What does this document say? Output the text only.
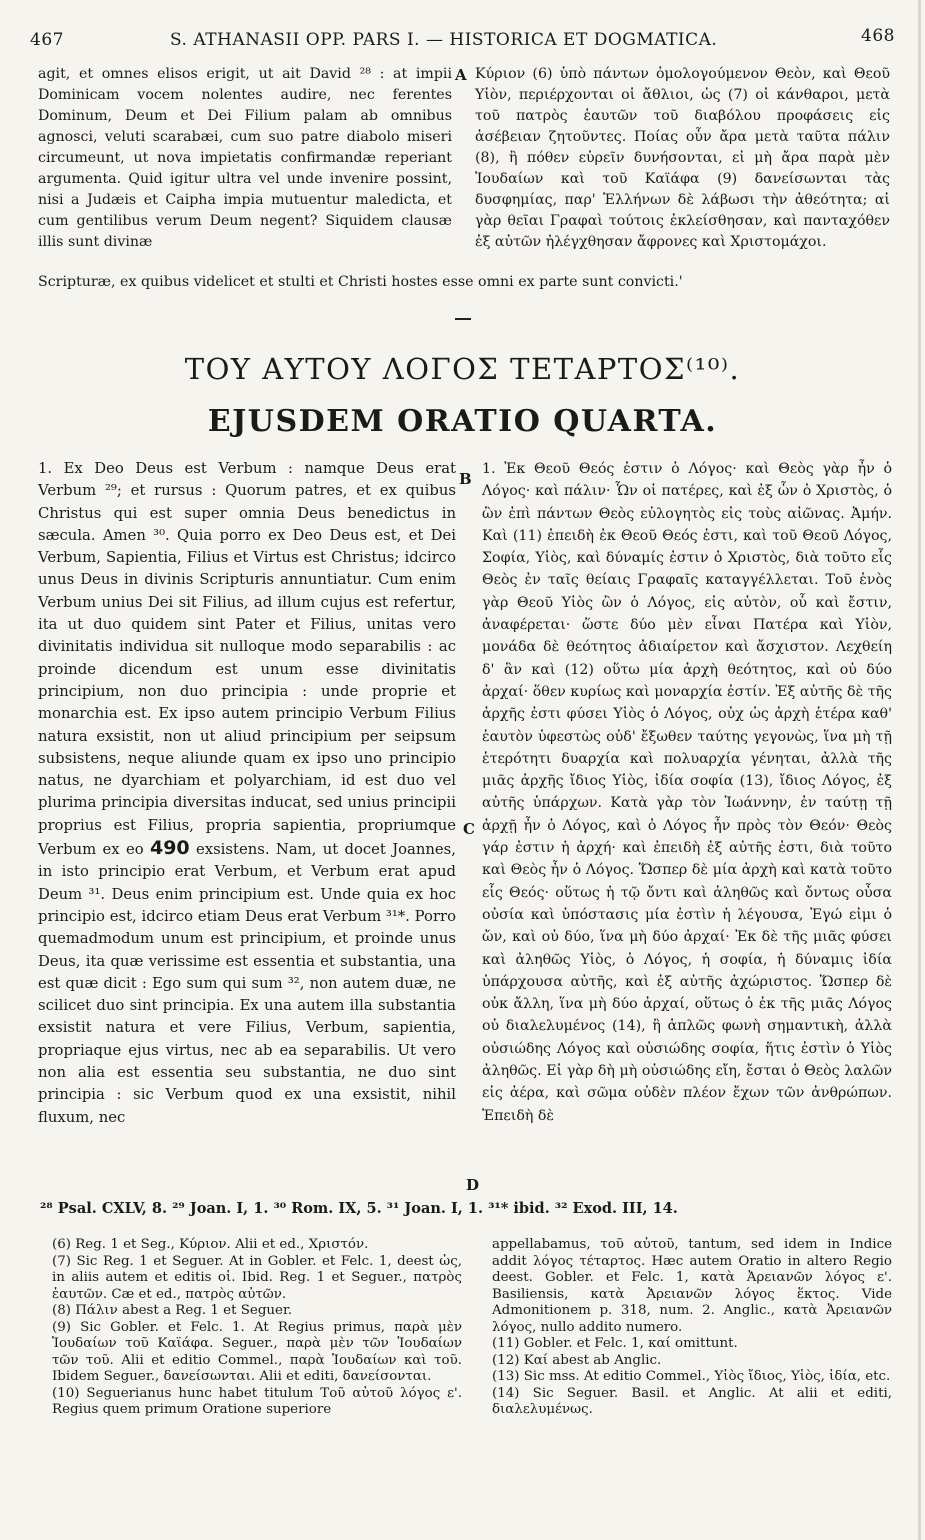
467	S. ATHANASII OPP. PARS I. — HISTORICA ET DOGMATICA.	468

agit, et omnes elisos erigit, ut ait David ²⁸ : at impii Dominicam vocem nolentes audire, nec ferentes Dominum, Deum et Dei Filium palam ab omnibus agnosci, veluti scarabæi, cum suo patre diabolo miseri circumeunt, ut nova impietatis confirmandæ reperiant argumenta. Quid igitur ultra vel unde invenire possint, nisi a Judæis et Caipha impia mutuentur maledicta, et cum gentilibus verum Deum negent? Siquidem clausæ illis sunt divinæ

A Κύριον (6) ὑπὸ πάντων ὁμολογούμενον Θεὸν, καὶ Θεοῦ Υἱὸν, περιέρχονται οἱ ἄθλιοι, ὡς (7) οἱ κάνθαροι, μετὰ τοῦ πατρὸς ἑαυτῶν τοῦ διαβόλου προφάσεις εἰς ἀσέβειαν ζητοῦντες. Ποίας οὖν ἄρα μετὰ ταῦτα πάλιν (8), ἢ πόθεν εὑρεῖν δυνήσονται, εἰ μὴ ἄρα παρὰ μὲν Ἰουδαίων καὶ τοῦ Καϊάφα (9) δανείσωνται τὰς δυσφημίας, παρ' Ἑλλήνων δὲ λάβωσι τὴν ἀθεότητα; αἱ γὰρ θεῖαι Γραφαὶ τούτοις ἐκλείσθησαν, καὶ πανταχόθεν ἐξ αὐτῶν ἠλέγχθησαν ἄφρονες καὶ Χριστομάχοι.

Scripturæ, ex quibus videlicet et stulti et Christi hostes esse omni ex parte sunt convicti.'
ΤΟΥ ΑΥΤΟΥ ΛΟΓΟΣ ΤΕΤΑΡΤΟΣ⁽¹⁰⁾.
EJUSDEM ORATIO QUARTA.

1. Ex Deo Deus est Verbum : namque Deus erat Verbum ²⁹; et rursus : Quorum patres, et ex quibus Christus qui est super omnia Deus benedictus in sæcula. Amen ³⁰. Quia porro ex Deo Deus est, et Dei Verbum, Sapientia, Filius et Virtus est Christus; idcirco unus Deus in divinis Scripturis annuntiatur. Cum enim Verbum unius Dei sit Filius, ad illum cujus est refertur, ita ut duo quidem sint Pater et Filius, unitas vero divinitatis individua sit nulloque modo separabilis : ac proinde dicendum est unum esse divinitatis principium, non duo principia : unde proprie et monarchia est. Ex ipso autem principio Verbum Filius natura exsistit, non ut aliud principium per seipsum subsistens, neque aliunde quam ex ipso uno principio natus, ne dyarchiam et polyarchiam, id est duo vel plurima principia diversitas inducat, sed unius principii proprius est Filius, propria sapientia, propriumque Verbum ex eo 490 exsistens. Nam, ut docet Joannes, in isto principio erat Verbum, et Verbum erat apud Deum ³¹. Deus enim principium est. Unde quia ex hoc principio est, idcirco etiam Deus erat Verbum ³¹*. Porro quemadmodum unum est principium, et proinde unus Deus, ita quæ verissime est essentia et substantia, una est quæ dicit : Ego sum qui sum ³², non autem duæ, ne scilicet duo sint principia. Ex una autem illa substantia exsistit natura et vere Filius, Verbum, sapientia, propriaque ejus virtus, nec ab ea separabilis. Ut vero non alia est essentia seu substantia, ne duo sint principia : sic Verbum quod ex una exsistit, nihil fluxum, nec

B
C
D

1. Ἐκ Θεοῦ Θεός ἐστιν ὁ Λόγος· καὶ Θεὸς γὰρ ἦν ὁ Λόγος· καὶ πάλιν· Ὧν οἱ πατέρες, καὶ ἐξ ὧν ὁ Χριστὸς, ὁ ὢν ἐπὶ πάντων Θεὸς εὐλογητὸς εἰς τοὺς αἰῶνας. Ἀμήν. Καὶ (11) ἐπειδὴ ἐκ Θεοῦ Θεός ἐστι, καὶ τοῦ Θεοῦ Λόγος, Σοφία, Υἱὸς, καὶ δύναμίς ἐστιν ὁ Χριστὸς, διὰ τοῦτο εἷς Θεὸς ἐν ταῖς θείαις Γραφαῖς καταγγέλλεται. Τοῦ ἑνὸς γὰρ Θεοῦ Υἱὸς ὢν ὁ Λόγος, εἰς αὐτὸν, οὗ καὶ ἔστιν, ἀναφέρεται· ὥστε δύο μὲν εἶναι Πατέρα καὶ Υἱὸν, μονάδα δὲ θεότητος ἀδιαίρετον καὶ ἄσχιστον. Λεχθείη δ' ἂν καὶ (12) οὕτω μία ἀρχὴ θεότητος, καὶ οὐ δύο ἀρχαί· ὅθεν κυρίως καὶ μοναρχία ἐστίν. Ἐξ αὐτῆς δὲ τῆς ἀρχῆς ἐστι φύσει Υἱὸς ὁ Λόγος, οὐχ ὡς ἀρχὴ ἑτέρα καθ' ἑαυτὸν ὑφεστὼς οὐδ' ἔξωθεν ταύτης γεγονὼς, ἵνα μὴ τῇ ἑτερότητι δυαρχία καὶ πολυαρχία γένηται, ἀλλὰ τῆς μιᾶς ἀρχῆς ἴδιος Υἱὸς, ἰδία σοφία (13), ἴδιος Λόγος, ἐξ αὐτῆς ὑπάρχων. Κατὰ γὰρ τὸν Ἰωάννην, ἐν ταύτῃ τῇ ἀρχῇ ἦν ὁ Λόγος, καὶ ὁ Λόγος ἦν πρὸς τὸν Θεόν· Θεὸς γάρ ἐστιν ἡ ἀρχή· καὶ ἐπειδὴ ἐξ αὐτῆς ἐστι, διὰ τοῦτο καὶ Θεὸς ἦν ὁ Λόγος. Ὥσπερ δὲ μία ἀρχὴ καὶ κατὰ τοῦτο εἷς Θεός· οὕτως ἡ τῷ ὄντι καὶ ἀληθῶς καὶ ὄντως οὖσα οὐσία καὶ ὑπόστασις μία ἐστὶν ἡ λέγουσα, Ἐγώ εἰμι ὁ ὤν, καὶ οὐ δύο, ἵνα μὴ δύο ἀρχαί· Ἐκ δὲ τῆς μιᾶς φύσει καὶ ἀληθῶς Υἱὸς, ὁ Λόγος, ἡ σοφία, ἡ δύναμις ἰδία ὑπάρχουσα αὐτῆς, καὶ ἐξ αὐτῆς ἀχώριστος. Ὥσπερ δὲ οὐκ ἄλλη, ἵνα μὴ δύο ἀρχαί, οὕτως ὁ ἐκ τῆς μιᾶς Λόγος οὐ διαλελυμένος (14), ἢ ἁπλῶς φωνὴ σημαντικὴ, ἀλλὰ οὐσιώδης Λόγος καὶ οὐσιώδης σοφία, ἥτις ἐστὶν ὁ Υἱὸς ἀληθῶς. Εἰ γὰρ δὴ μὴ οὐσιώδης εἴη, ἔσται ὁ Θεὸς λαλῶν εἰς ἀέρα, καὶ σῶμα οὐδὲν πλέον ἔχων τῶν ἀνθρώπων. Ἐπειδὴ δὲ

²⁸ Psal. CXLV, 8. ²⁹ Joan. I, 1. ³⁰ Rom. IX, 5. ³¹ Joan. I, 1. ³¹* ibid. ³² Exod. III, 14.

(6) Reg. 1 et Seg., Κύριον. Alii et ed., Χριστόν.

(7) Sic Reg. 1 et Seguer. At in Gobler. et Felc. 1, deest ὡς, in aliis autem et editis οἱ. Ibid. Reg. 1 et Seguer., πατρὸς ἑαυτῶν. Cæ et ed., πατρὸς αὐτῶν.

(8) Πάλιν abest a Reg. 1 et Seguer.

(9) Sic Gobler. et Felc. 1. At Regius primus, παρὰ μὲν Ἰουδαίων τοῦ Καϊάφα. Seguer., παρὰ μὲν τῶν Ἰουδαίων τῶν τοῦ. Alii et editio Commel., παρὰ Ἰουδαίων καὶ τοῦ. Ibidem Seguer., δανείσωνται. Alii et editi, δανείσονται.

(10) Seguerianus hunc habet titulum Τοῦ αὐτοῦ λόγος ε'. Regius quem primum Oratione superiore

appellabamus, τοῦ αὐτοῦ, tantum, sed idem in Indice addit λόγος τέταρτος. Hæc autem Oratio in altero Regio deest. Gobler. et Felc. 1, κατὰ Ἀρειανῶν λόγος ε'. Basiliensis, κατὰ Ἀρειανῶν λόγος ἕκτος. Vide Admonitionem p. 318, num. 2. Anglic., κατὰ Ἀρειανῶν λόγος, nullo addito numero.

(11) Gobler. et Felc. 1, καί omittunt.

(12) Καί abest ab Anglic.

(13) Sic mss. At editio Commel., Υἱὸς ἴδιος, Υἱὸς, ἰδία, etc.

(14) Sic Seguer. Basil. et Anglic. At alii et editi, διαλελυμένως.
